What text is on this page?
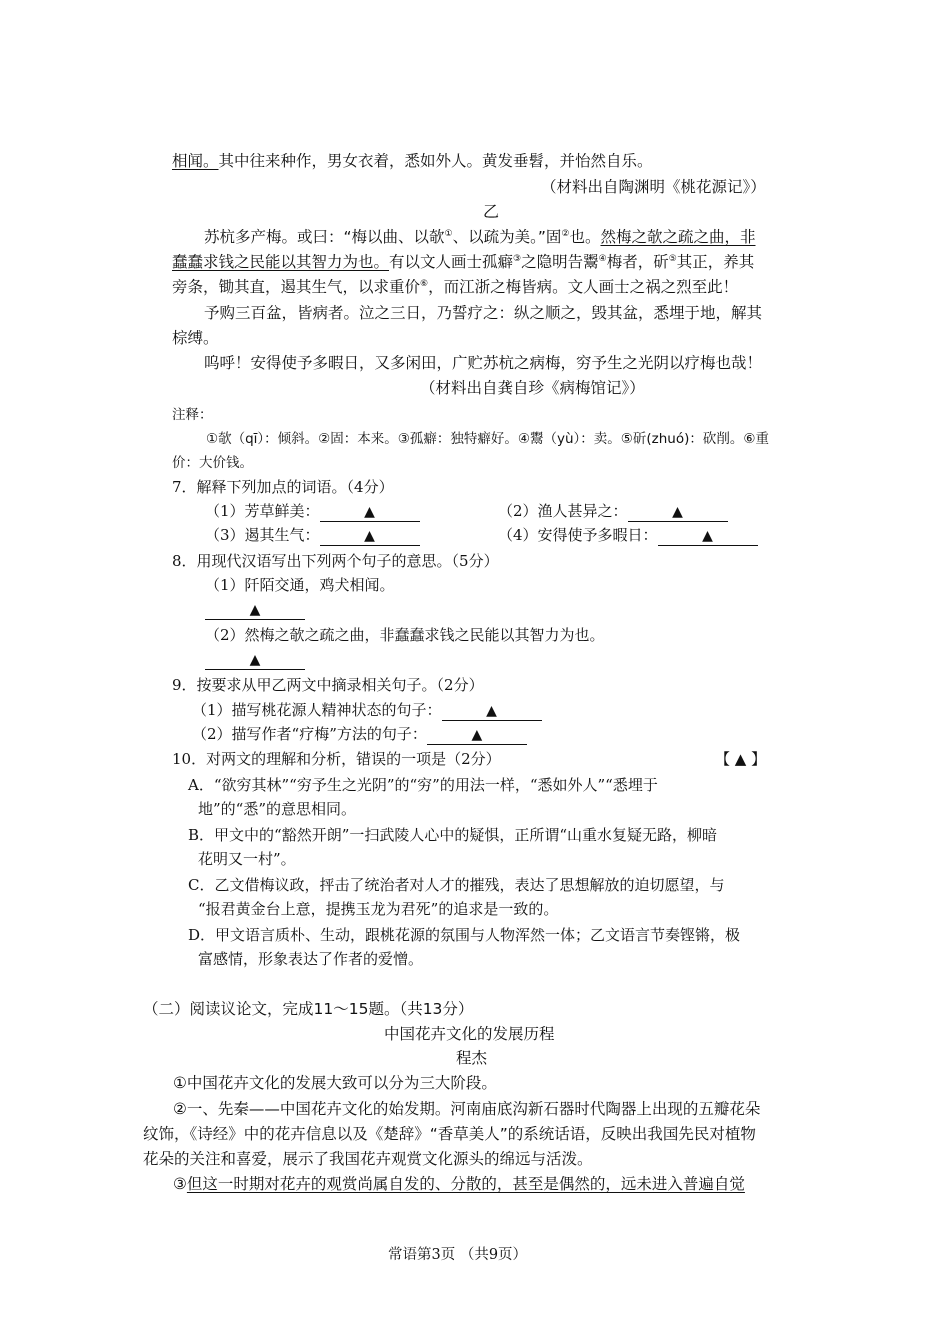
相闻。其中往来种作，男女衣着，悉如外人。黄发垂髫，并怡然自乐。
（材料出自陶渊明《桃花源记》）
乙
苏杭多产梅。或曰：“梅以曲、以欹①、以疏为美。”固②也。然梅之欹之疏之曲，非
蠢蠢求钱之民能以其智力为也。有以文人画士孤癖③之隐明告鬻④梅者，斫⑤其正，养其
旁条，锄其直，遏其生气，以求重价⑥，而江浙之梅皆病。文人画士之祸之烈至此！
予购三百盆，皆病者。泣之三日，乃誓疗之：纵之顺之，毁其盆，悉埋于地，解其
棕缚。
呜呼！安得使予多暇日，又多闲田，广贮苏杭之病梅，穷予生之光阴以疗梅也哉！
（材料出自龚自珍《病梅馆记》）
注释：
①欹（qī）：倾斜。②固：本来。③孤癖：独特癖好。④鬻（yù）：卖。⑤斫(zhuó)：砍削。⑥重
价：大价钱。
7．解释下列加点的词语。（4分）
（1）芳草鲜美：	▲	（2）渔人甚异之：	▲
（3）遏其生气：	▲	（4）安得使予多暇日：	▲
8．用现代汉语写出下列两个句子的意思。（5分）
（1）阡陌交通，鸡犬相闻。
▲
（2）然梅之欹之疏之曲，非蠢蠢求钱之民能以其智力为也。
▲
9．按要求从甲乙两文中摘录相关句子。（2分）
（1）描写桃花源人精神状态的句子：	▲
（2）描写作者“疗梅”方法的句子：	▲
10．对两文的理解和分析，错误的一项是（2分）	【 ▲ 】
A．“欲穷其林”“穷予生之光阴”的“穷”的用法一样，“悉如外人”“悉埋于
地”的“悉”的意思相同。
B．甲文中的“豁然开朗”一扫武陵人心中的疑惧，正所谓“山重水复疑无路，柳暗
花明又一村”。
C．乙文借梅议政，抨击了统治者对人才的摧残，表达了思想解放的迫切愿望，与
“报君黄金台上意，提携玉龙为君死”的追求是一致的。
D．甲文语言质朴、生动，跟桃花源的氛围与人物浑然一体；乙文语言节奏铿锵，极
富感情，形象表达了作者的爱憎。
（二）阅读议论文，完成11～15题。（共13分）
中国花卉文化的发展历程
程杰
①中国花卉文化的发展大致可以分为三大阶段。
②一、先秦——中国花卉文化的始发期。河南庙底沟新石器时代陶器上出现的五瓣花朵
纹饰，《诗经》中的花卉信息以及《楚辞》“香草美人”的系统话语，反映出我国先民对植物
花朵的关注和喜爱，展示了我国花卉观赏文化源头的绵远与活泼。
③但这一时期对花卉的观赏尚属自发的、分散的，甚至是偶然的，远未进入普遍自觉
常语第3页 （共9页）
